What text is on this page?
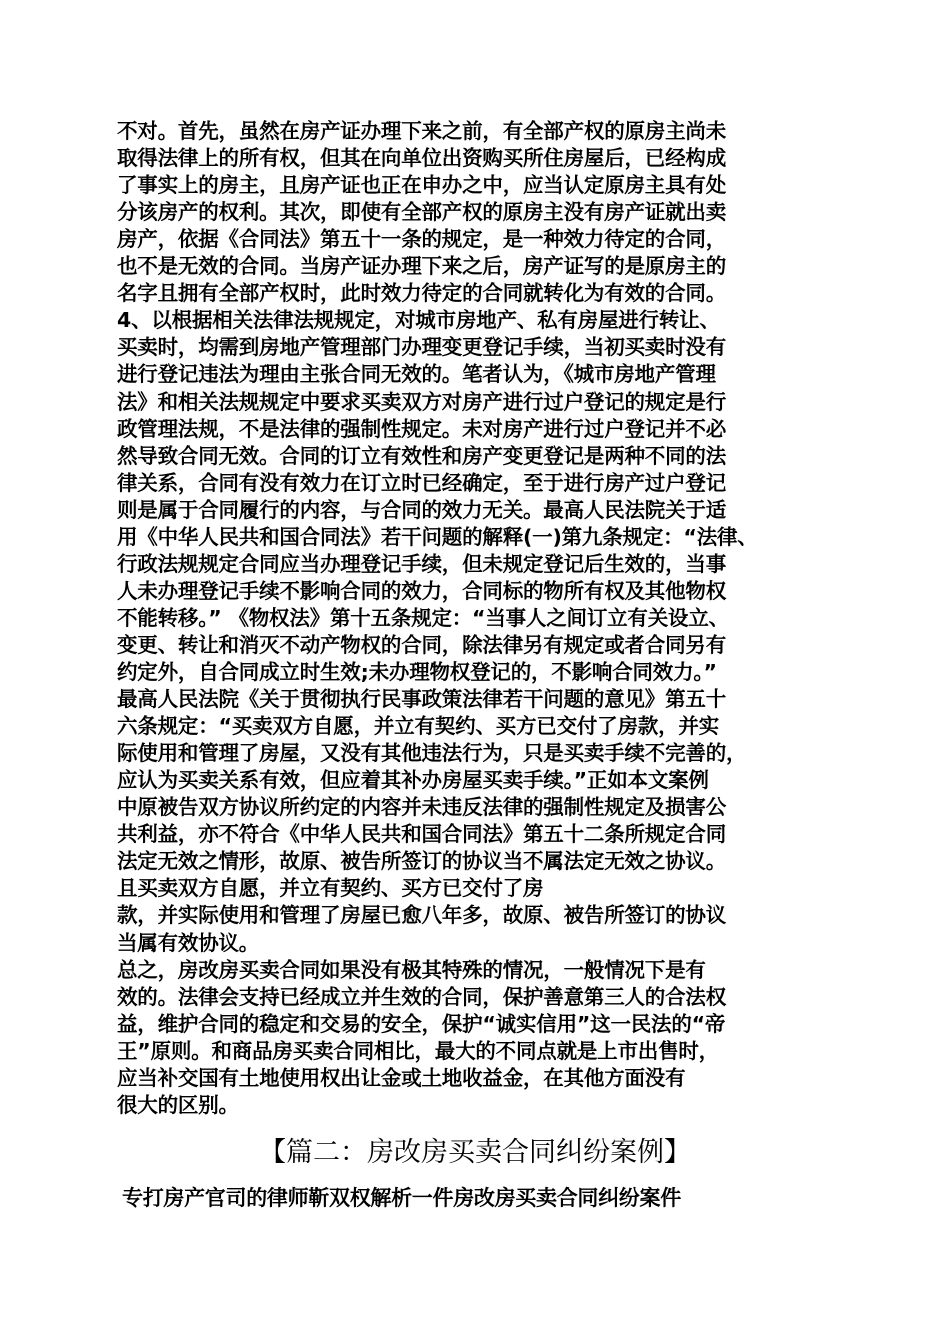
不对。首先，虽然在房产证办理下来之前，有全部产权的原房主尚未
取得法律上的所有权，但其在向单位出资购买所住房屋后，已经构成
了事实上的房主，且房产证也正在申办之中，应当认定原房主具有处
分该房产的权利。其次，即使有全部产权的原房主没有房产证就出卖
房产，依据《合同法》第五十一条的规定，是一种效力待定的合同，
也不是无效的合同。当房产证办理下来之后，房产证写的是原房主的
名字且拥有全部产权时，此时效力待定的合同就转化为有效的合同。
4、以根据相关法律法规规定，对城市房地产、私有房屋进行转让、
买卖时，均需到房地产管理部门办理变更登记手续，当初买卖时没有
进行登记违法为理由主张合同无效的。笔者认为，《城市房地产管理
法》和相关法规规定中要求买卖双方对房产进行过户登记的规定是行
政管理法规，不是法律的强制性规定。未对房产进行过户登记并不必
然导致合同无效。合同的订立有效性和房产变更登记是两种不同的法
律关系，合同有没有效力在订立时已经确定，至于进行房产过户登记
则是属于合同履行的内容，与合同的效力无关。最高人民法院关于适
用《中华人民共和国合同法》若干问题的解释(一)第九条规定：“法律、
行政法规规定合同应当办理登记手续，但未规定登记后生效的，当事
人未办理登记手续不影响合同的效力，合同标的物所有权及其他物权
不能转移。” 《物权法》第十五条规定：“当事人之间订立有关设立、
变更、转让和消灭不动产物权的合同，除法律另有规定或者合同另有
约定外，自合同成立时生效;未办理物权登记的，不影响合同效力。”
最高人民法院《关于贯彻执行民事政策法律若干问题的意见》第五十
六条规定：“买卖双方自愿，并立有契约、买方已交付了房款，并实
际使用和管理了房屋，又没有其他违法行为，只是买卖手续不完善的，
应认为买卖关系有效，但应着其补办房屋买卖手续。”正如本文案例
中原被告双方协议所约定的内容并未违反法律的强制性规定及损害公
共利益，亦不符合《中华人民共和国合同法》第五十二条所规定合同
法定无效之情形，故原、被告所签订的协议当不属法定无效之协议。
且买卖双方自愿，并立有契约、买方已交付了房
款，并实际使用和管理了房屋已愈八年多，故原、被告所签订的协议
当属有效协议。
总之，房改房买卖合同如果没有极其特殊的情况，一般情况下是有
效的。法律会支持已经成立并生效的合同，保护善意第三人的合法权
益，维护合同的稳定和交易的安全，保护“诚实信用”这一民法的“帝
王”原则。和商品房买卖合同相比，最大的不同点就是上市出售时，
应当补交国有土地使用权出让金或土地收益金，在其他方面没有
很大的区别。
【篇二：房改房买卖合同纠纷案例】
专打房产官司的律师靳双权解析一件房改房买卖合同纠纷案件
